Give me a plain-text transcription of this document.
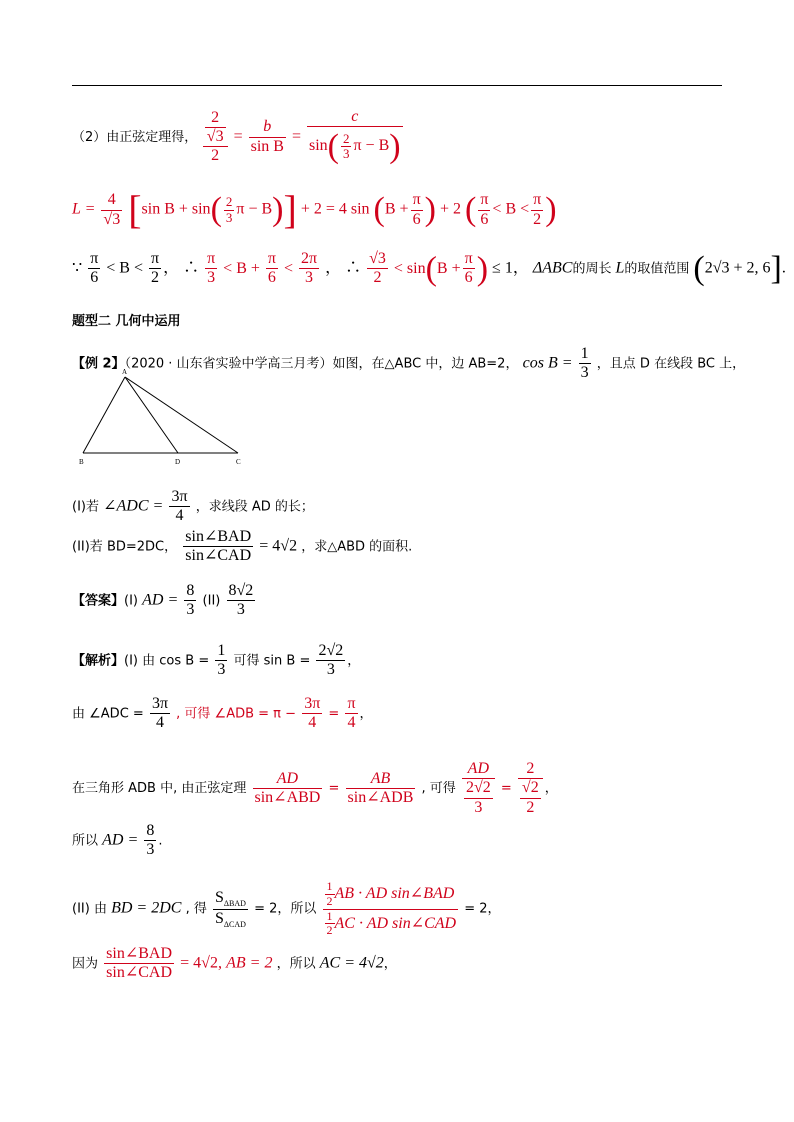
（2）由正弦定理得， $\frac{\frac{2}{√3}}{2} = \frac{b}{\text{sin B}} = \frac{c}{\sin( \frac{2}{3} \pi - B)}$
$L = \frac{4}{√3} [\sin$ $B + \sin( \frac{2}{3}$ π − B)] + 2 = 4 $\sin (B + \frac{\pi}{6}$ ) + 2 ( $\frac{\pi}{6} < B < \frac{\pi}{2}$ )
∵ $\frac{\pi}{6} < B < \frac{\pi}{2}$ ， ∴ $\frac{\pi}{3} < B + \frac{\pi}{6} < \frac{2\pi}{3}$ ， ∴ $\frac{√3}{2} < \sin(B + \frac{\pi}{6}$ ) ≤ 1， ΔABC的周长 L的取值范围 (2√3 + 2, 6].
题型二 几何中运用
【例 2】（2020 · 山东省实验中学高三月考）如图，在△ABC 中，边 AB=2， $\cos B = \frac{1}{3}$ ，且点 D 在线段 BC 上，
A
B	D	C
(I)若 ∠ADC = $\frac{3\pi}{4}$ ，求线段 AD 的长；
(II)若 BD=2DC， $\frac{\text{sin∠BAD}}{\text{sin∠CAD}} = 4√2$ ，求△ABD 的面积.
【答案】(I) AD = $\frac{8}{3} (II) \frac{8√2}{3}$
【解析】(I) 由 $\cos B = \frac{1}{3}$ 可得 $\sin B = \frac{2√2}{3}$ ，
由 ∠ADC = $\frac{3\pi}{4}$ , 可得 ∠ADB = $\pi - \frac{3\pi}{4} = \frac{\pi}{4}$ ，
在三角形 ADB 中, 由正弦定理 $\frac{AD}{\text{sin∠ABD}} = \frac{AB}{\text{sin∠ADB}}$ , 可得 $\frac{AD}{\frac{2√2}{3}} = \frac{2}{\frac{√2}{2}}$ ，
所以 AD = $\frac{8}{3}$ .
(II) 由 BD = 2DC , 得 $\frac{S_{\Delta BAD}}{S_{\Delta CAD}} = 2$，所以 $\frac{\frac{1}{2} AB \cdot AD \sin\angle BAD}{\frac{1}{2} AC \cdot AD \sin\angle CAD} = 2$，
因为 $\frac{\text{sin∠BAD}}{\text{sin∠CAD}} = 4√2$, AB = 2 ，所以 AC = 4√2，
